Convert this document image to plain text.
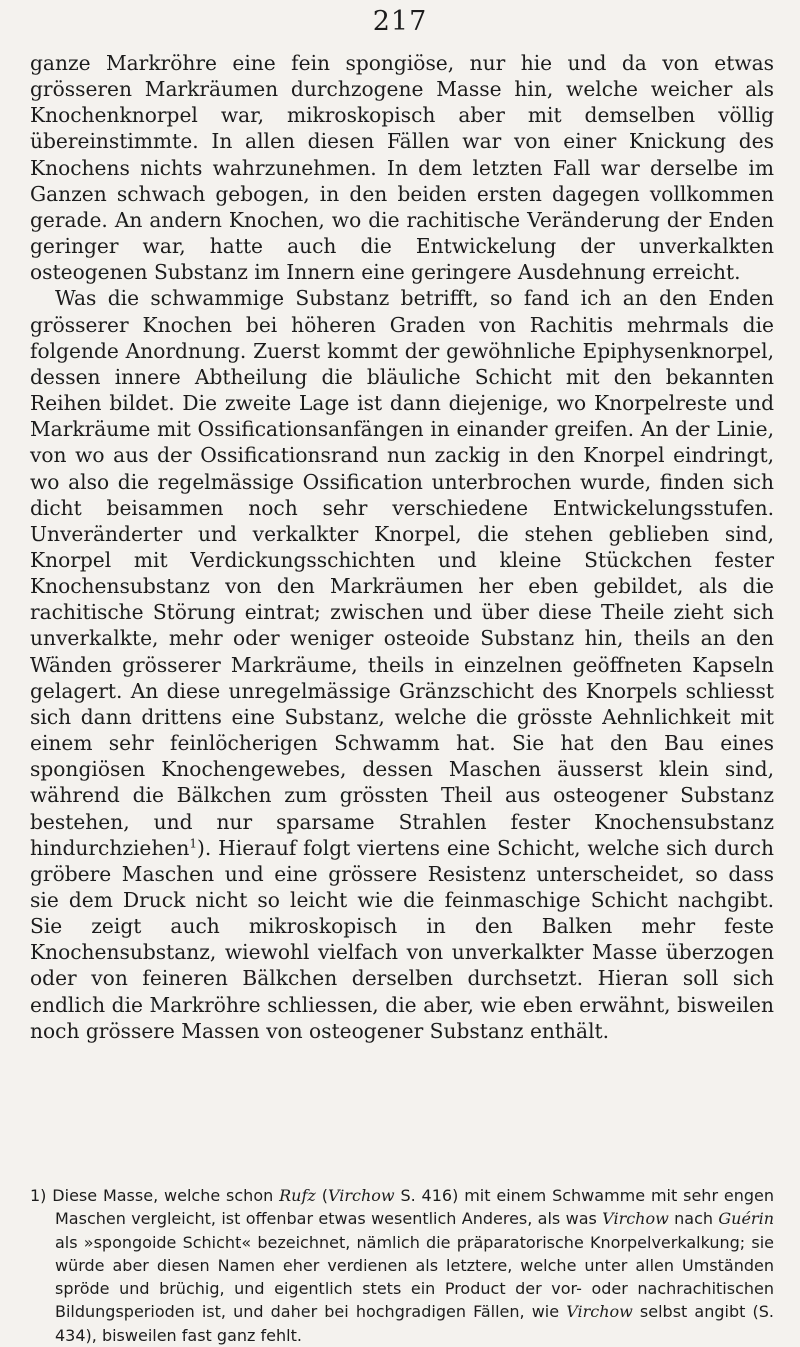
217

ganze Markröhre eine fein spongiöse, nur hie und da von etwas grösseren Markräumen durchzogene Masse hin, welche weicher als Knochenknorpel war, mikroskopisch aber mit demselben völlig übereinstimmte. In allen diesen Fällen war von einer Knickung des Knochens nichts wahrzunehmen. In dem letzten Fall war derselbe im Ganzen schwach gebogen, in den beiden ersten dagegen vollkommen gerade. An andern Knochen, wo die rachitische Veränderung der Enden geringer war, hatte auch die Entwickelung der unverkalkten osteogenen Substanz im Innern eine geringere Ausdehnung erreicht.

Was die schwammige Substanz betrifft, so fand ich an den Enden grösserer Knochen bei höheren Graden von Rachitis mehrmals die folgende Anordnung. Zuerst kommt der gewöhnliche Epiphysenknorpel, dessen innere Abtheilung die bläuliche Schicht mit den bekannten Reihen bildet. Die zweite Lage ist dann diejenige, wo Knorpelreste und Markräume mit Ossificationsanfängen in einander greifen. An der Linie, von wo aus der Ossificationsrand nun zackig in den Knorpel eindringt, wo also die regelmässige Ossification unterbrochen wurde, finden sich dicht beisammen noch sehr verschiedene Entwickelungsstufen. Unveränderter und verkalkter Knorpel, die stehen geblieben sind, Knorpel mit Verdickungsschichten und kleine Stückchen fester Knochensubstanz von den Markräumen her eben gebildet, als die rachitische Störung eintrat; zwischen und über diese Theile zieht sich unverkalkte, mehr oder weniger osteoide Substanz hin, theils an den Wänden grösserer Markräume, theils in einzelnen geöffneten Kapseln gelagert. An diese unregelmässige Gränzschicht des Knorpels schliesst sich dann drittens eine Substanz, welche die grösste Aehnlichkeit mit einem sehr feinlöcherigen Schwamm hat. Sie hat den Bau eines spongiösen Knochengewebes, dessen Maschen äusserst klein sind, während die Bälkchen zum grössten Theil aus osteogener Substanz bestehen, und nur sparsame Strahlen fester Knochensubstanz hindurchziehen$^1$). Hierauf folgt viertens eine Schicht, welche sich durch gröbere Maschen und eine grössere Resistenz unterscheidet, so dass sie dem Druck nicht so leicht wie die feinmaschige Schicht nachgibt. Sie zeigt auch mikroskopisch in den Balken mehr feste Knochensubstanz, wiewohl vielfach von unverkalkter Masse überzogen oder von feineren Bälkchen derselben durchsetzt. Hieran soll sich endlich die Markröhre schliessen, die aber, wie eben erwähnt, bisweilen noch grössere Massen von osteogener Substanz enthält.

1) Diese Masse, welche schon Rufz (Virchow S. 416) mit einem Schwamme mit sehr engen Maschen vergleicht, ist offenbar etwas wesentlich Anderes, als was Virchow nach Guérin als »spongoide Schicht« bezeichnet, nämlich die präparatorische Knorpelverkalkung; sie würde aber diesen Namen eher verdienen als letztere, welche unter allen Umständen spröde und brüchig, und eigentlich stets ein Product der vor- oder nachrachitischen Bildungsperioden ist, und daher bei hochgradigen Fällen, wie Virchow selbst angibt (S. 434), bisweilen fast ganz fehlt.
